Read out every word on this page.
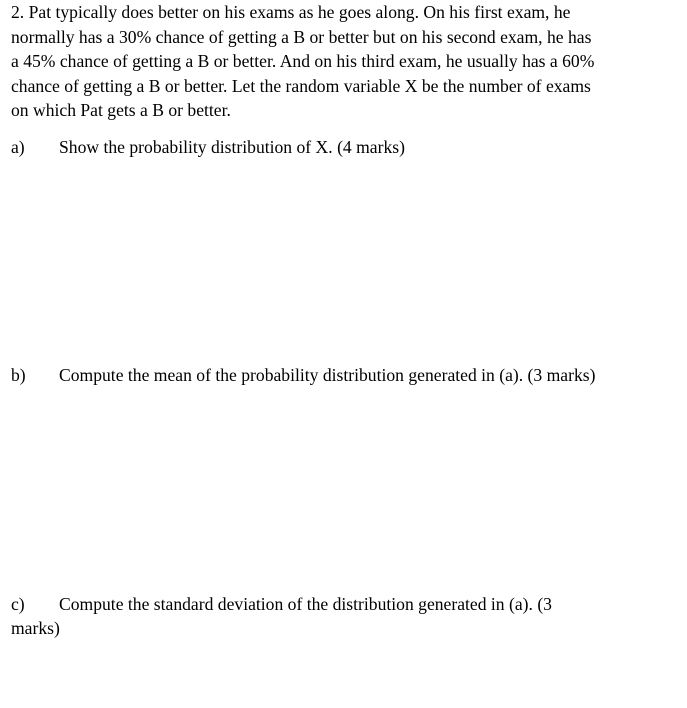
2. Pat typically does better on his exams as he goes along. On his first exam, he
normally has a 30% chance of getting a B or better but on his second exam, he has
a 45% chance of getting a B or better. And on his third exam, he usually has a 60%
chance of getting a B or better. Let the random variable X be the number of exams
on which Pat gets a B or better.
a) Show the probability distribution of X. (4 marks)
b) Compute the mean of the probability distribution generated in (a). (3 marks)
c) Compute the standard deviation of the distribution generated in (a). (3
marks)
